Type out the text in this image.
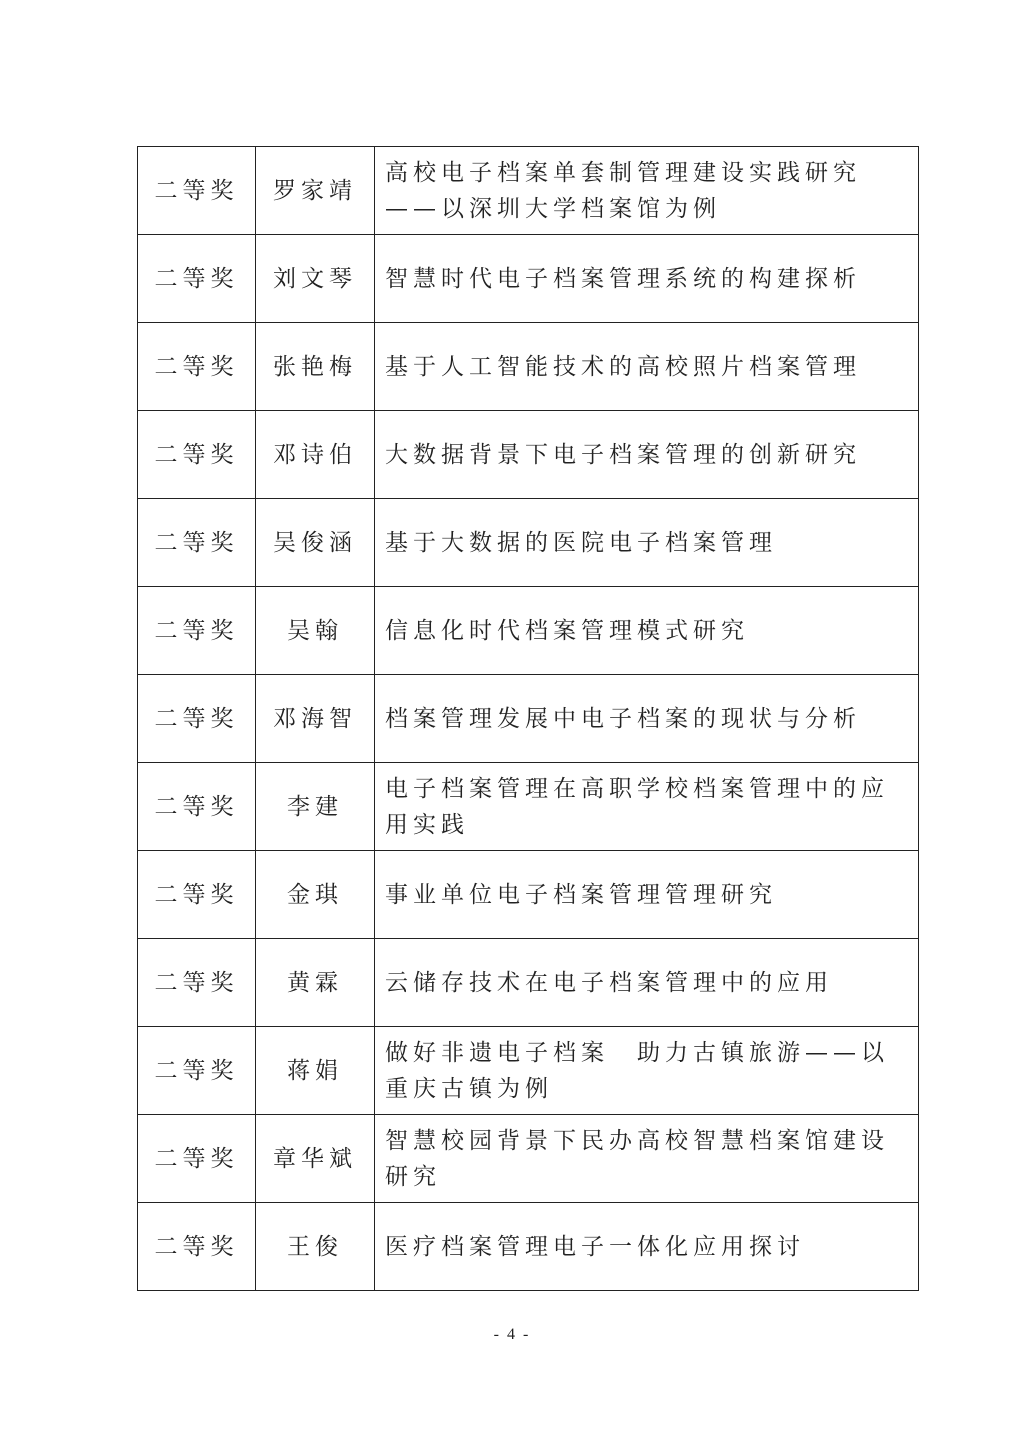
二等奖	罗家靖	高校电子档案单套制管理建设实践研究——以深圳大学档案馆为例
二等奖	刘文琴	智慧时代电子档案管理系统的构建探析
二等奖	张艳梅	基于人工智能技术的高校照片档案管理
二等奖	邓诗伯	大数据背景下电子档案管理的创新研究
二等奖	吴俊涵	基于大数据的医院电子档案管理
二等奖	吴翰	信息化时代档案管理模式研究
二等奖	邓海智	档案管理发展中电子档案的现状与分析
二等奖	李建	电子档案管理在高职学校档案管理中的应用实践
二等奖	金琪	事业单位电子档案管理管理研究
二等奖	黄霖	云储存技术在电子档案管理中的应用
二等奖	蒋娟	做好非遗电子档案　助力古镇旅游——以重庆古镇为例
二等奖	章华斌	智慧校园背景下民办高校智慧档案馆建设研究
二等奖	王俊	医疗档案管理电子一体化应用探讨
- 4 -
